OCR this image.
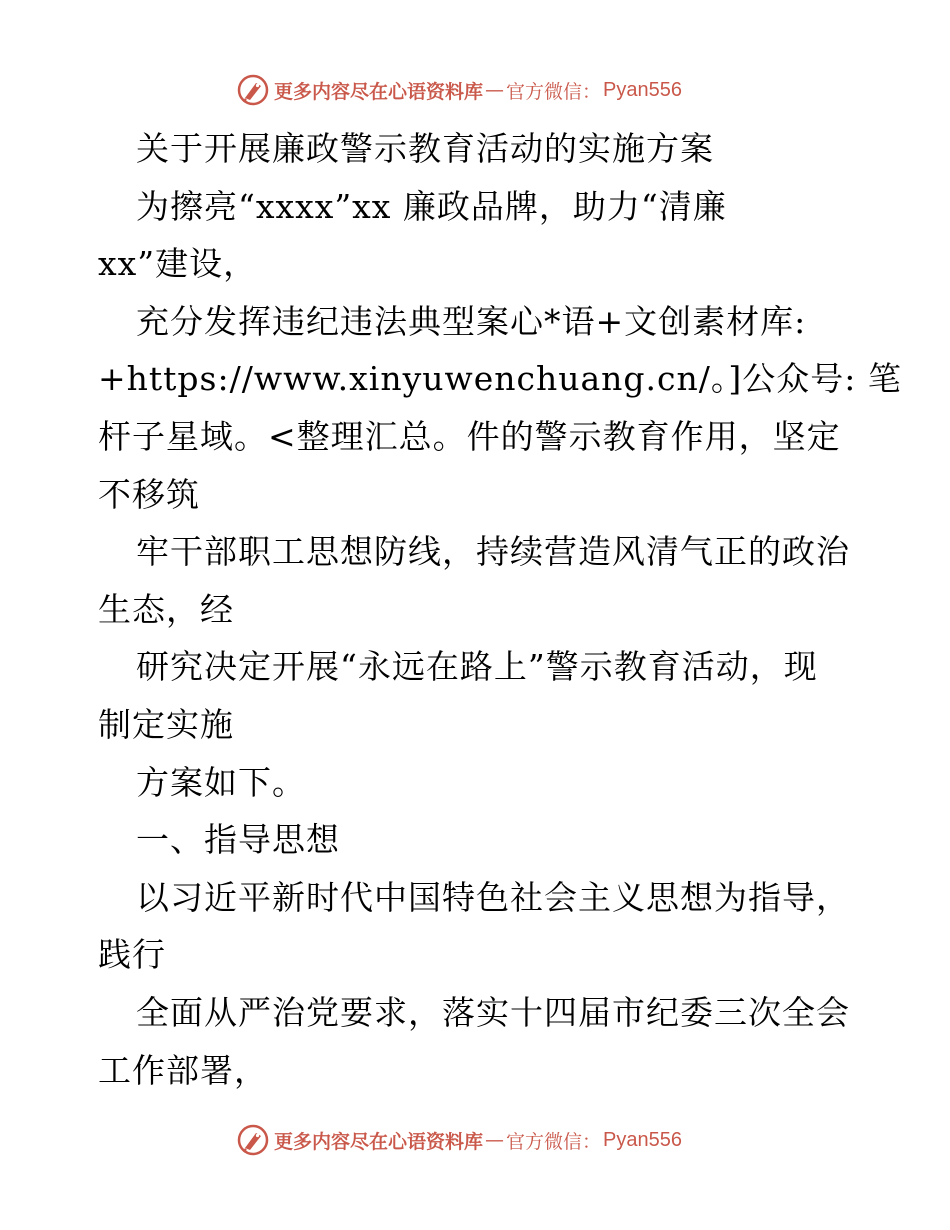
更多内容尽在心语资料库 — 官方微信： Pyan556
关于开展廉政警示教育活动的实施方案
为擦亮“xxxx”xx 廉政品牌，助力“清廉
xx”建设，
充分发挥违纪违法典型案心*语+文创素材库:
+https://www.xinyuwenchuang.cn/。]公众号: 笔
杆子星域。<整理汇总。件的警示教育作用，坚定
不移筑
牢干部职工思想防线，持续营造风清气正的政治
生态，经
研究决定开展“永远在路上”警示教育活动，现
制定实施
方案如下。
一、指导思想
以习近平新时代中国特色社会主义思想为指导，
践行
全面从严治党要求，落实十四届市纪委三次全会
工作部署，
更多内容尽在心语资料库 — 官方微信： Pyan556
